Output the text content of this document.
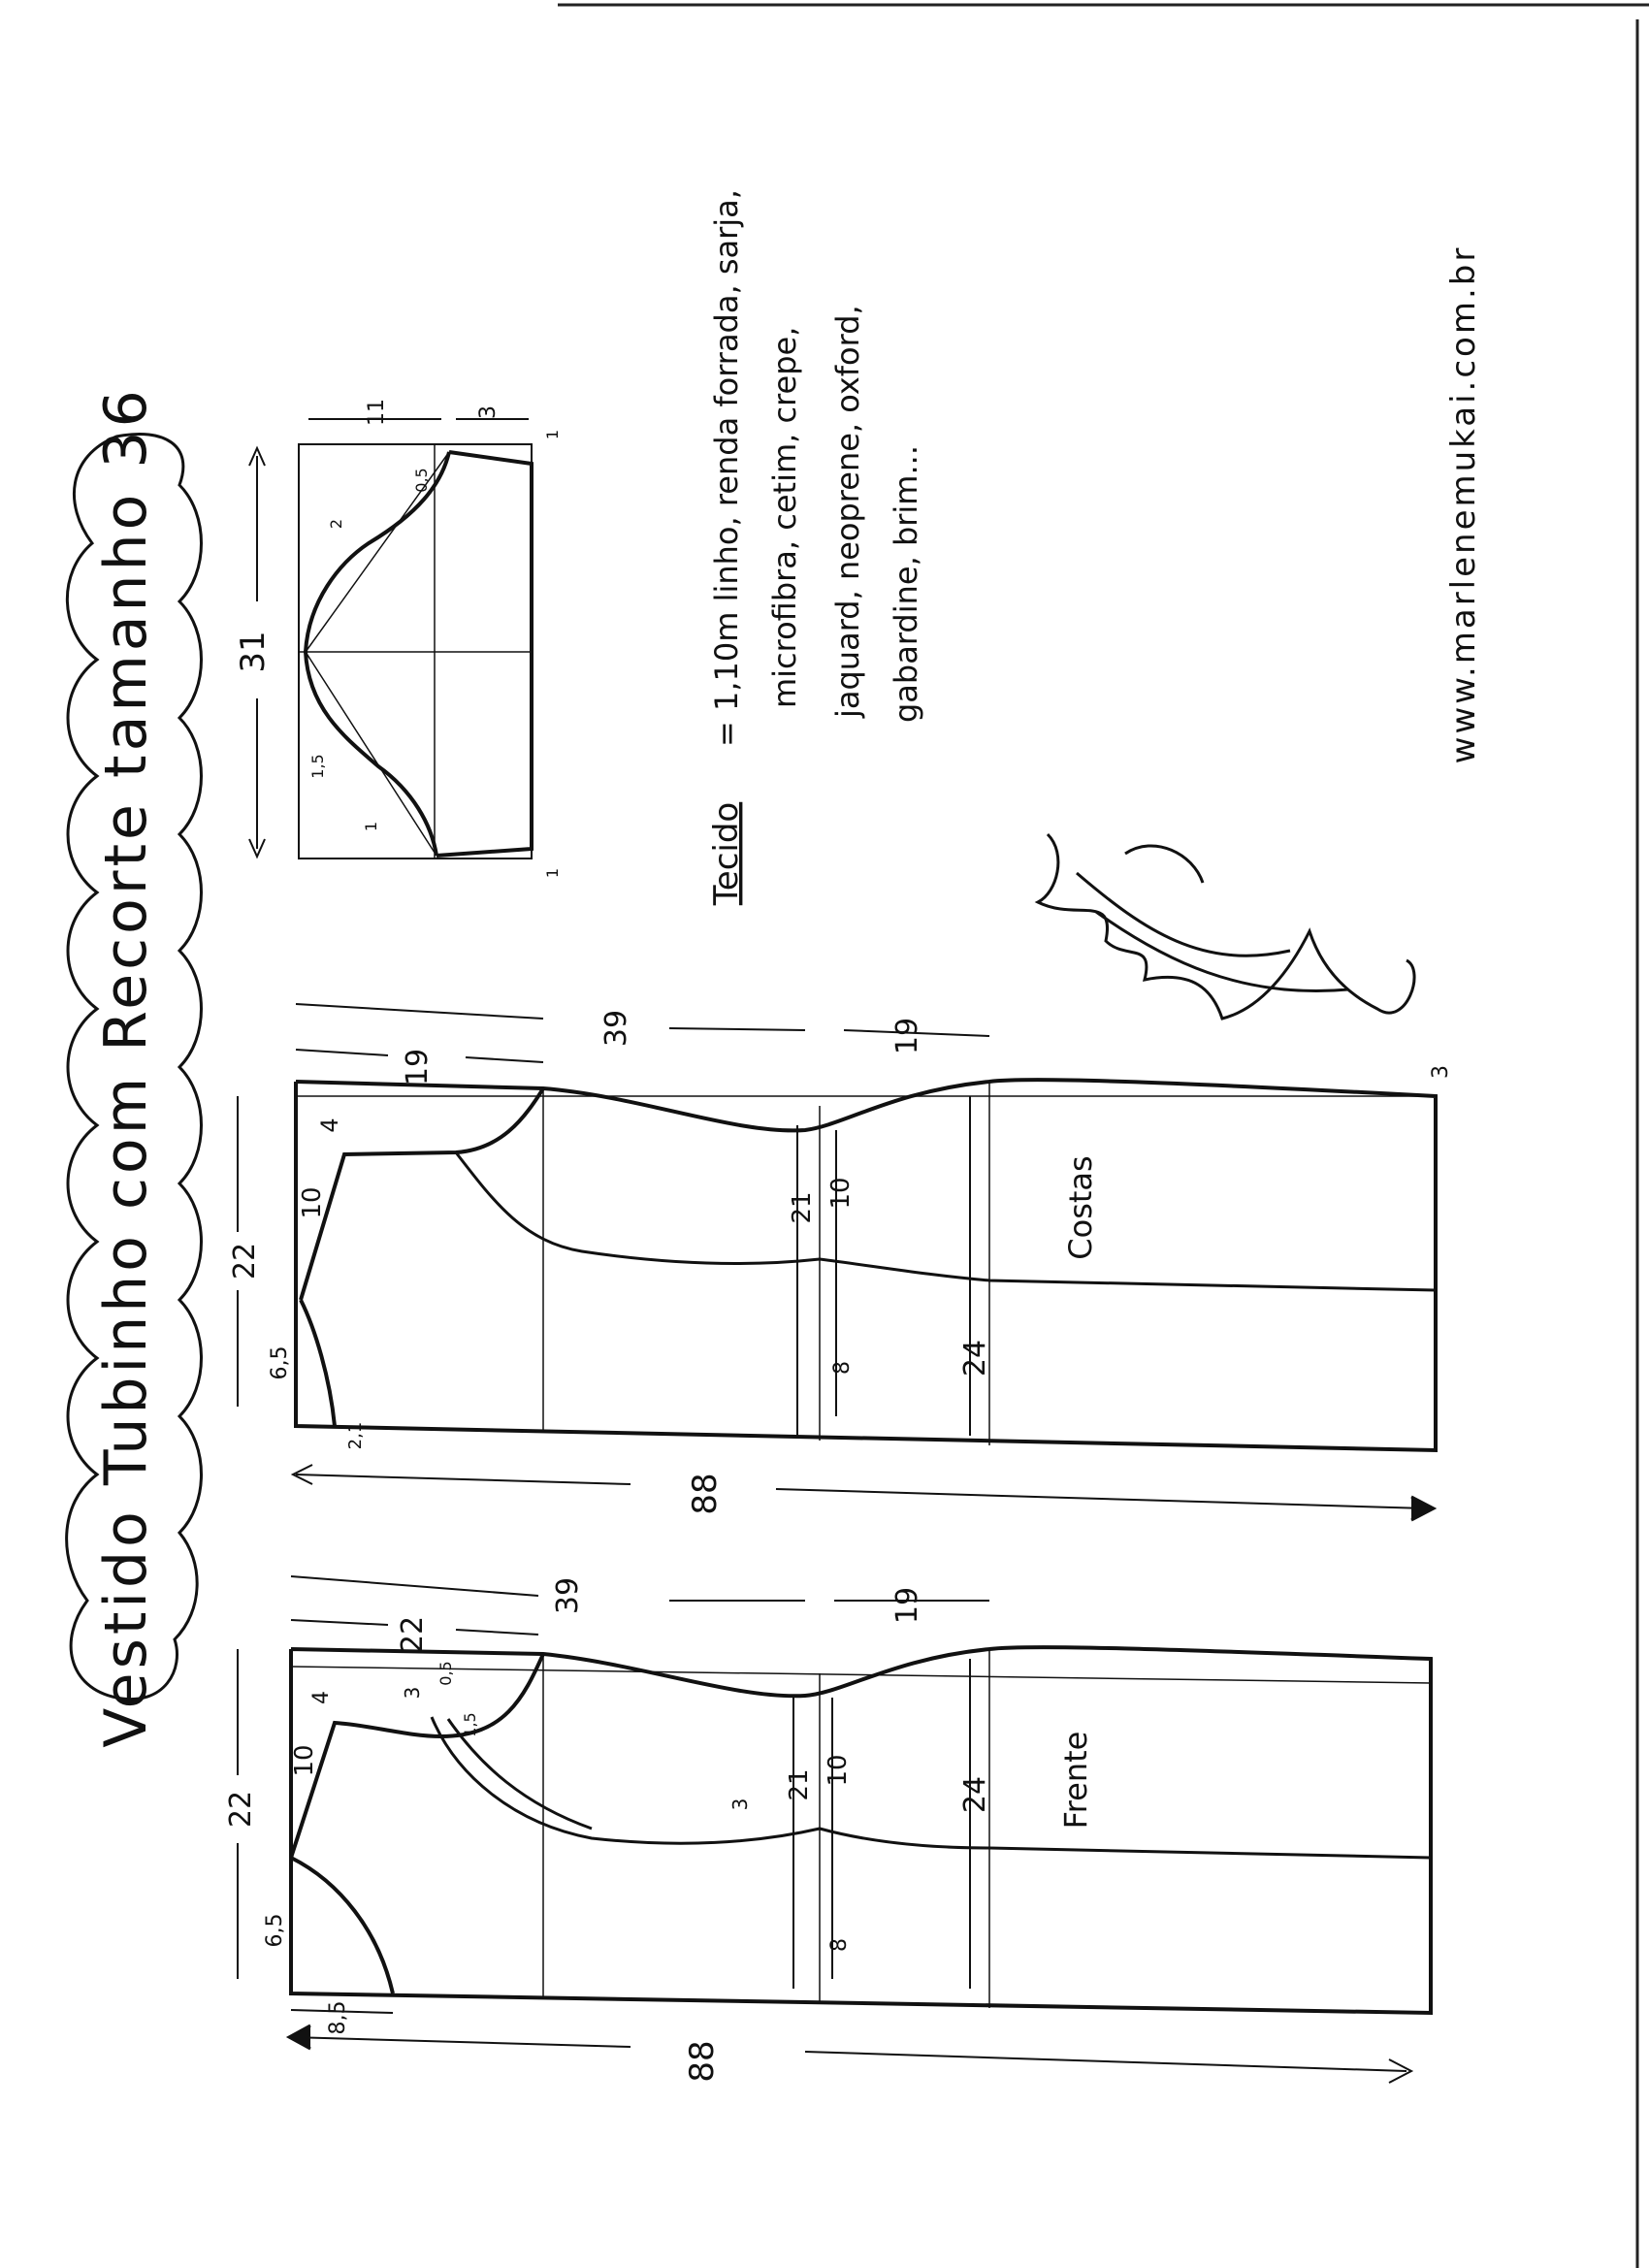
31
11	3
1
0,5
2
1,5
1
1
Costas
88
39
19
19
22
6,5
2,1
4
10	21 10
8	24
3
Frente
88
39
22
19
22
6,5
8,5
4
10
3
0,5
1,5
21 10
8
24
3
Vestido Tubinho com Recorte tamanho 36	Tecido
= 1,10m linho, renda forrada, sarja, microfibra, cetim, crepe, jaquard, neoprene, oxford, gabardine, brim...	www.marlenemukai.com.br
